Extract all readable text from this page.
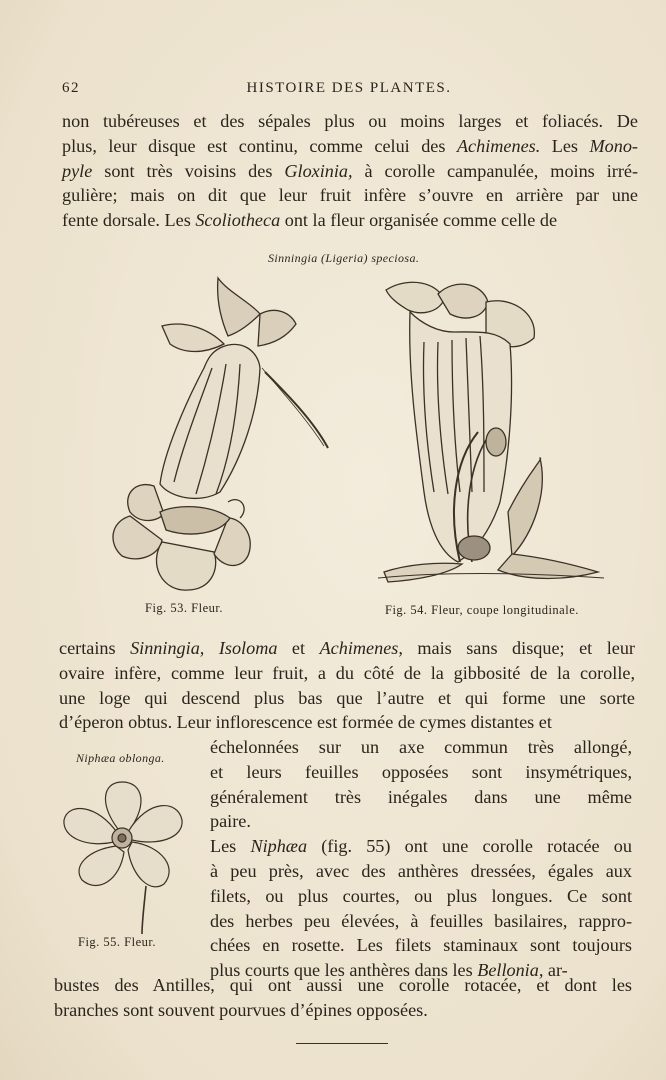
62	HISTOIRE DES PLANTES.
non tubéreuses et des sépales plus ou moins larges et foliacés. De
plus, leur disque est continu, comme celui des Achimenes. Les Mono-
pyle sont très voisins des Gloxinia, à corolle campanulée, moins irré-
gulière; mais on dit que leur fruit infère s’ouvre en arrière par une
fente dorsale. Les Scoliotheca ont la fleur organisée comme celle de
Sinningia (Ligeria) speciosa.
Fig. 53. Fleur.	Fig. 54. Fleur, coupe longitudinale.
certains Sinningia, Isoloma et Achimenes, mais sans disque; et leur
ovaire infère, comme leur fruit, a du côté de la gibbosité de la corolle,
une loge qui descend plus bas que l’autre et qui forme une sorte
d’éperon obtus. Leur inflorescence est formée de cymes distantes et
Niphæa oblonga.
Fig. 55. Fleur.
échelonnées sur un axe commun très allongé,
et leurs feuilles opposées sont insymétriques,
généralement très inégales dans une même
paire.
Les Niphæa (fig. 55) ont une corolle rotacée ou
à peu près, avec des anthères dressées, égales aux
filets, ou plus courtes, ou plus longues. Ce sont
des herbes peu élevées, à feuilles basilaires, rappro-
chées en rosette. Les filets staminaux sont toujours
plus courts que les anthères dans les Bellonia, ar-
bustes des Antilles, qui ont aussi une corolle rotacée, et dont les
branches sont souvent pourvues d’épines opposées.
